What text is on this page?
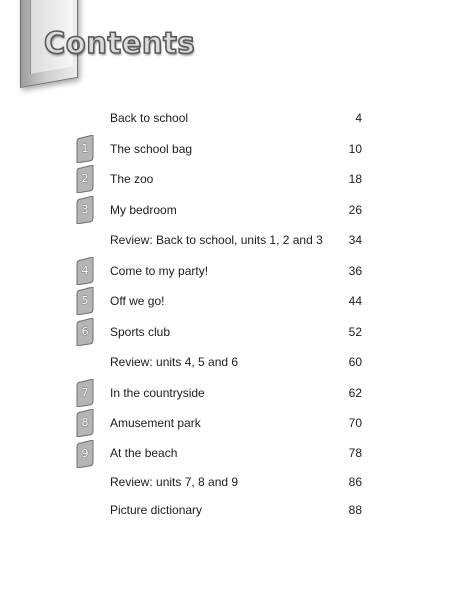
Contents
Back to school	4
1	The school bag	10
2	The zoo	18
3	My bedroom	26
Review: Back to school, units 1, 2 and 3 34
4	Come to my party!	36
5	Off we go!	44
6	Sports club	52
Review: units 4, 5 and 6	60
7	In the countryside	62
8	Amusement park	70
9	At the beach	78
Review: units 7, 8 and 9	86
Picture dictionary	88
